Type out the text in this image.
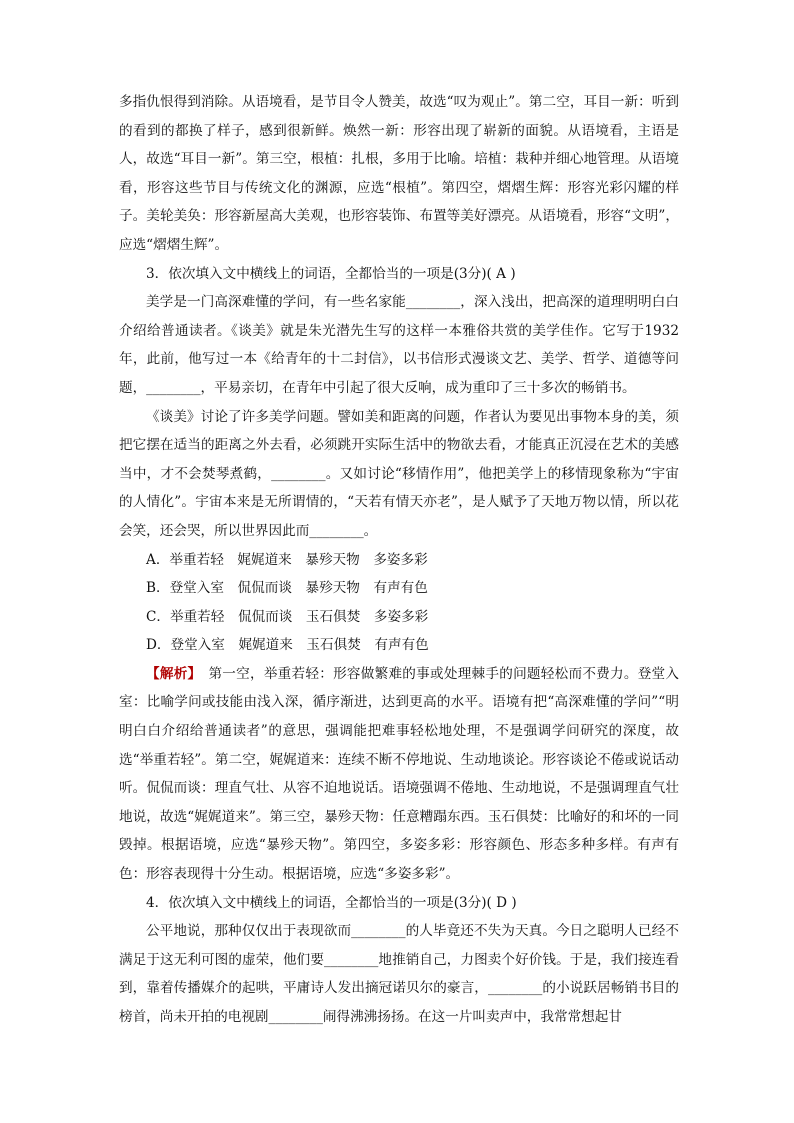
多指仇恨得到消除。从语境看，是节目令人赞美，故选“叹为观止”。第二空，耳目一新：听到的看到的都换了样子，感到很新鲜。焕然一新：形容出现了崭新的面貌。从语境看，主语是人，故选“耳目一新”。第三空，根植：扎根，多用于比喻。培植：栽种并细心地管理。从语境看，形容这些节目与传统文化的渊源，应选“根植”。第四空，熠熠生辉：形容光彩闪耀的样子。美轮美奂：形容新屋高大美观，也形容装饰、布置等美好漂亮。从语境看，形容“文明”，应选“熠熠生辉”。

3．依次填入文中横线上的词语，全都恰当的一项是(3分)( A )

美学是一门高深难懂的学问，有一些名家能________，深入浅出，把高深的道理明明白白介绍给普通读者。《谈美》就是朱光潜先生写的这样一本雅俗共赏的美学佳作。它写于1932年，此前，他写过一本《给青年的十二封信》，以书信形式漫谈文艺、美学、哲学、道德等问题，________，平易亲切，在青年中引起了很大反响，成为重印了三十多次的畅销书。

《谈美》讨论了许多美学问题。譬如美和距离的问题，作者认为要见出事物本身的美，须把它摆在适当的距离之外去看，必须跳开实际生活中的物欲去看，才能真正沉浸在艺术的美感当中，才不会焚琴煮鹤，________。又如讨论“移情作用”，他把美学上的移情现象称为“宇宙的人情化”。宇宙本来是无所谓情的，“天若有情天亦老”，是人赋予了天地万物以情，所以花会笑，还会哭，所以世界因此而________。

A．举重若轻　娓娓道来　暴殄天物　多姿多彩

B．登堂入室　侃侃而谈　暴殄天物　有声有色

C．举重若轻　侃侃而谈　玉石俱焚　多姿多彩

D．登堂入室　娓娓道来　玉石俱焚　有声有色

【解析】　第一空，举重若轻：形容做繁难的事或处理棘手的问题轻松而不费力。登堂入室：比喻学问或技能由浅入深，循序渐进，达到更高的水平。语境有把“高深难懂的学问”“明明白白介绍给普通读者”的意思，强调能把难事轻松地处理，不是强调学问研究的深度，故选“举重若轻”。第二空，娓娓道来：连续不断不停地说、生动地谈论。形容谈论不倦或说话动听。侃侃而谈：理直气壮、从容不迫地说话。语境强调不倦地、生动地说，不是强调理直气壮地说，故选“娓娓道来”。第三空，暴殄天物：任意糟蹋东西。玉石俱焚：比喻好的和坏的一同毁掉。根据语境，应选“暴殄天物”。第四空，多姿多彩：形容颜色、形态多种多样。有声有色：形容表现得十分生动。根据语境，应选“多姿多彩”。

4．依次填入文中横线上的词语，全都恰当的一项是(3分)( D )

公平地说，那种仅仅出于表现欲而________的人毕竟还不失为天真。今日之聪明人已经不满足于这无利可图的虚荣，他们要________地推销自己，力图卖个好价钱。于是，我们接连看到，靠着传播媒介的起哄，平庸诗人发出摘冠诺贝尔的豪言，________的小说跃居畅销书目的榜首，尚未开拍的电视剧________闹得沸沸扬扬。在这一片叫卖声中，我常常想起甘
